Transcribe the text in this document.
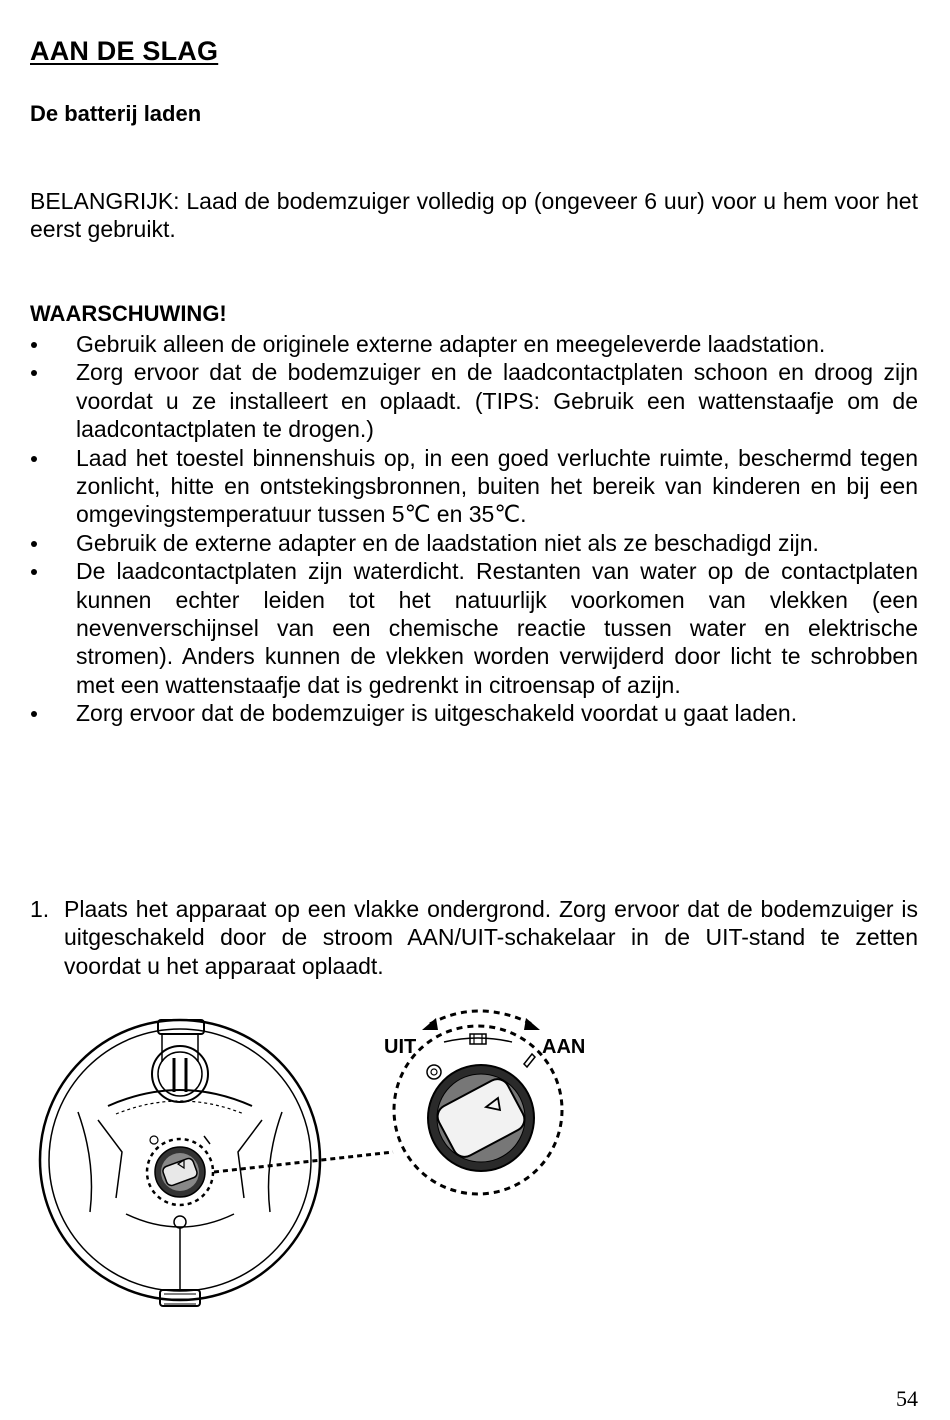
AAN DE SLAG
De batterij laden

BELANGRIJK: Laad de bodemzuiger volledig op (ongeveer 6 uur) voor u hem voor het eerst gebruikt.

WAARSCHUWING!

Gebruik alleen de originele externe adapter en meegeleverde laadstation.
Zorg ervoor dat de bodemzuiger en de laadcontactplaten schoon en droog zijn voordat u ze installeert en oplaadt. (TIPS: Gebruik een wattenstaafje om de laadcontactplaten te drogen.)
Laad het toestel binnenshuis op, in een goed verluchte ruimte, beschermd tegen zonlicht, hitte en ontstekingsbronnen, buiten het bereik van kinderen en bij een omgevingstemperatuur tussen 5℃ en 35℃.
Gebruik de externe adapter en de laadstation niet als ze beschadigd zijn.
De laadcontactplaten zijn waterdicht. Restanten van water op de contactplaten kunnen echter leiden tot het natuurlijk voorkomen van vlekken (een nevenverschijnsel van een chemische reactie tussen water en elektrische stromen). Anders kunnen de vlekken worden verwijderd door licht te schrobben met een wattenstaafje dat is gedrenkt in citroensap of azijn.
Zorg ervoor dat de bodemzuiger is uitgeschakeld voordat u gaat laden.
1. Plaats het apparaat op een vlakke ondergrond. Zorg ervoor dat de bodemzuiger is uitgeschakeld door de stroom AAN/UIT-schakelaar in de UIT-stand te zetten voordat u het apparaat oplaadt.
UIT	AAN

54
